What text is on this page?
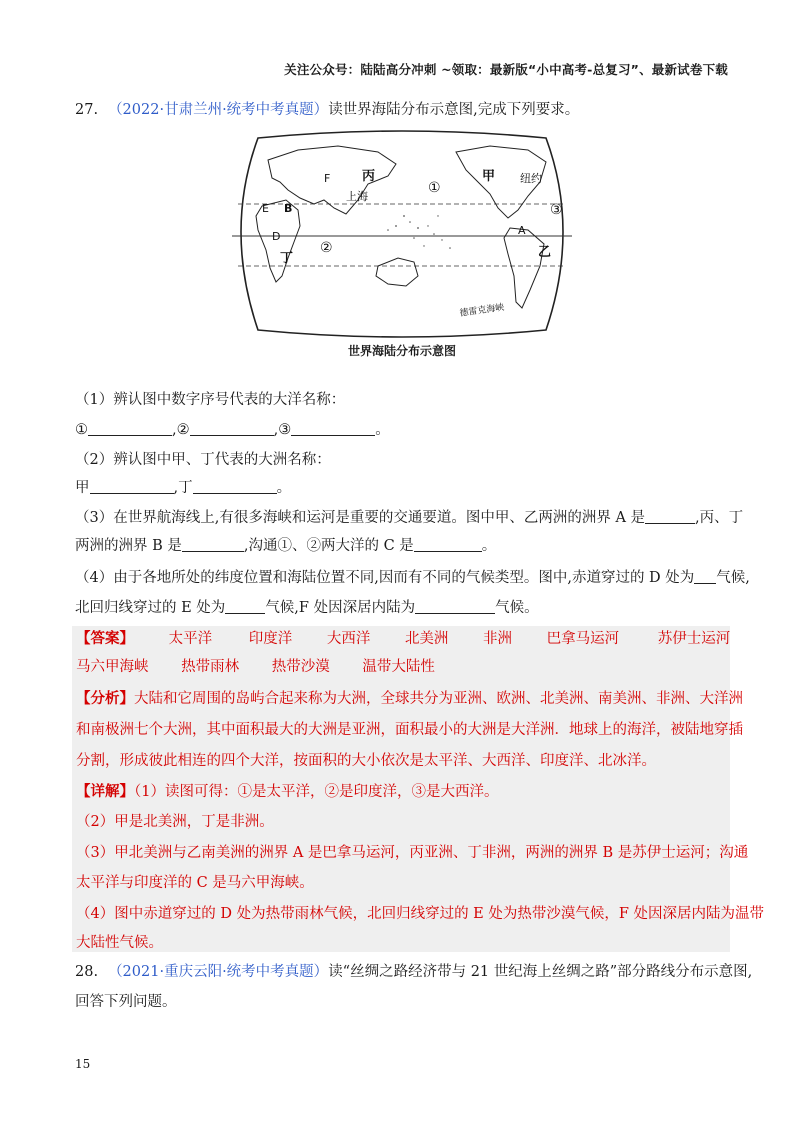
关注公众号：陆陆高分冲刺 ~领取：最新版“小中高考-总复习”、最新试卷下载
27. （2022·甘肃兰州·统考中考真题）读世界海陆分布示意图,完成下列要求。
F 丙
①
甲 纽约
上海
E B	③
A
D
②
丁	乙
德雷克海峡
世界海陆分布示意图
（1）辨认图中数字序号代表的大洋名称：
①	,②	,③	。
（2）辨认图中甲、丁代表的大洲名称：
甲	,丁	。
（3）在世界航海线上,有很多海峡和运河是重要的交通要道。图中甲、乙两洲的洲界 A 是	,丙、丁
两洲的洲界 B 是	,沟通①、②两大洋的 C 是	。
（4）由于各地所处的纬度位置和海陆位置不同,因而有不同的气候类型。图中,赤道穿过的 D 处为 气候,
北回归线穿过的 E 处为	气候,F 处因深居内陆为	气候。
【答案】 太平洋	印度洋 大西洋 北美洲 非洲 巴拿马运河	苏伊士运河
马六甲海峡 热带雨林 热带沙漠 温带大陆性
【分析】大陆和它周围的岛屿合起来称为大洲，全球共分为亚洲、欧洲、北美洲、南美洲、非洲、大洋洲
和南极洲七个大洲，其中面积最大的大洲是亚洲，面积最小的大洲是大洋洲．地球上的海洋，被陆地穿插
分割，形成彼此相连的四个大洋，按面积的大小依次是太平洋、大西洋、印度洋、北冰洋。
【详解】（1）读图可得：①是太平洋，②是印度洋，③是大西洋。
（2）甲是北美洲，丁是非洲。
（3）甲北美洲与乙南美洲的洲界 A 是巴拿马运河，丙亚洲、丁非洲，两洲的洲界 B 是苏伊士运河；沟通
太平洋与印度洋的 C 是马六甲海峡。
（4）图中赤道穿过的 D 处为热带雨林气候，北回归线穿过的 E 处为热带沙漠气候，F 处因深居内陆为温带
大陆性气候。
28. （2021·重庆云阳·统考中考真题）读“丝绸之路经济带与 21 世纪海上丝绸之路”部分路线分布示意图,
回答下列问题。
15
